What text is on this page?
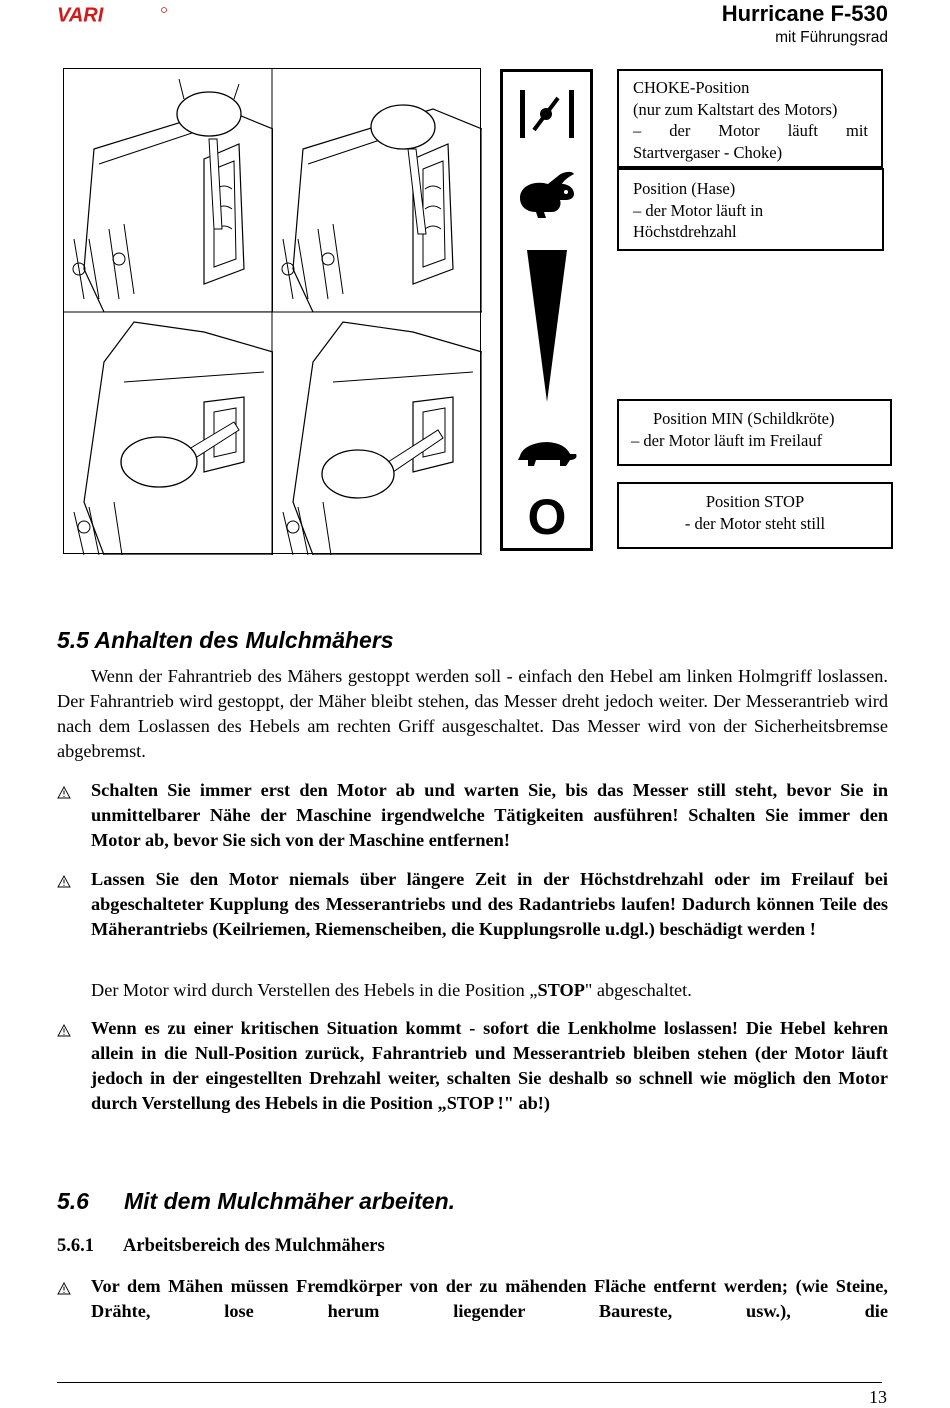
VARI	Hurricane F-530
mit Führungsrad
O
CHOKE-Position
(nur zum Kaltstart des Motors)
– der Motor läuft mit
Startvergaser - Choke)
Position (Hase)
– der Motor läuft in
Höchstdrehzahl
Position MIN (Schildkröte)
– der Motor läuft im Freilauf
Position STOP
- der Motor steht still
5.5 Anhalten des Mulchmähers
Wenn der Fahrantrieb des Mähers gestoppt werden soll - einfach den Hebel am linken Holmgriff loslassen. Der Fahrantrieb wird gestoppt, der Mäher bleibt stehen, das Messer dreht jedoch weiter. Der Messerantrieb wird nach dem Loslassen des Hebels am rechten Griff ausgeschaltet. Das Messer wird von der Sicherheitsbremse abgebremst.
Schalten Sie immer erst den Motor ab und warten Sie, bis das Messer still steht, bevor Sie in unmittelbarer Nähe der Maschine irgendwelche Tätigkeiten ausführen! Schalten Sie immer den Motor ab, bevor Sie sich von der Maschine entfernen!
Lassen Sie den Motor niemals über längere Zeit in der Höchstdrehzahl oder im Freilauf bei abgeschalteter Kupplung des Messerantriebs und des Radantriebs laufen! Dadurch können Teile des Mäherantriebs (Keilriemen, Riemenscheiben, die Kupplungsrolle u.dgl.) beschädigt werden !
Der Motor wird durch Verstellen des Hebels in die Position „STOP" abgeschaltet.
Wenn es zu einer kritischen Situation kommt - sofort die Lenkholme loslassen! Die Hebel kehren allein in die Null-Position zurück, Fahrantrieb und Messerantrieb bleiben stehen (der Motor läuft jedoch in der eingestellten Drehzahl weiter, schalten Sie deshalb so schnell wie möglich den Motor durch Verstellung des Hebels in die Position „STOP !" ab!)
5.6 Mit dem Mulchmäher arbeiten.
5.6.1 Arbeitsbereich des Mulchmähers
Vor dem Mähen müssen Fremdkörper von der zu mähenden Fläche entfernt werden; (wie Steine, Drähte, lose herum liegender Baureste, usw.), die
13
